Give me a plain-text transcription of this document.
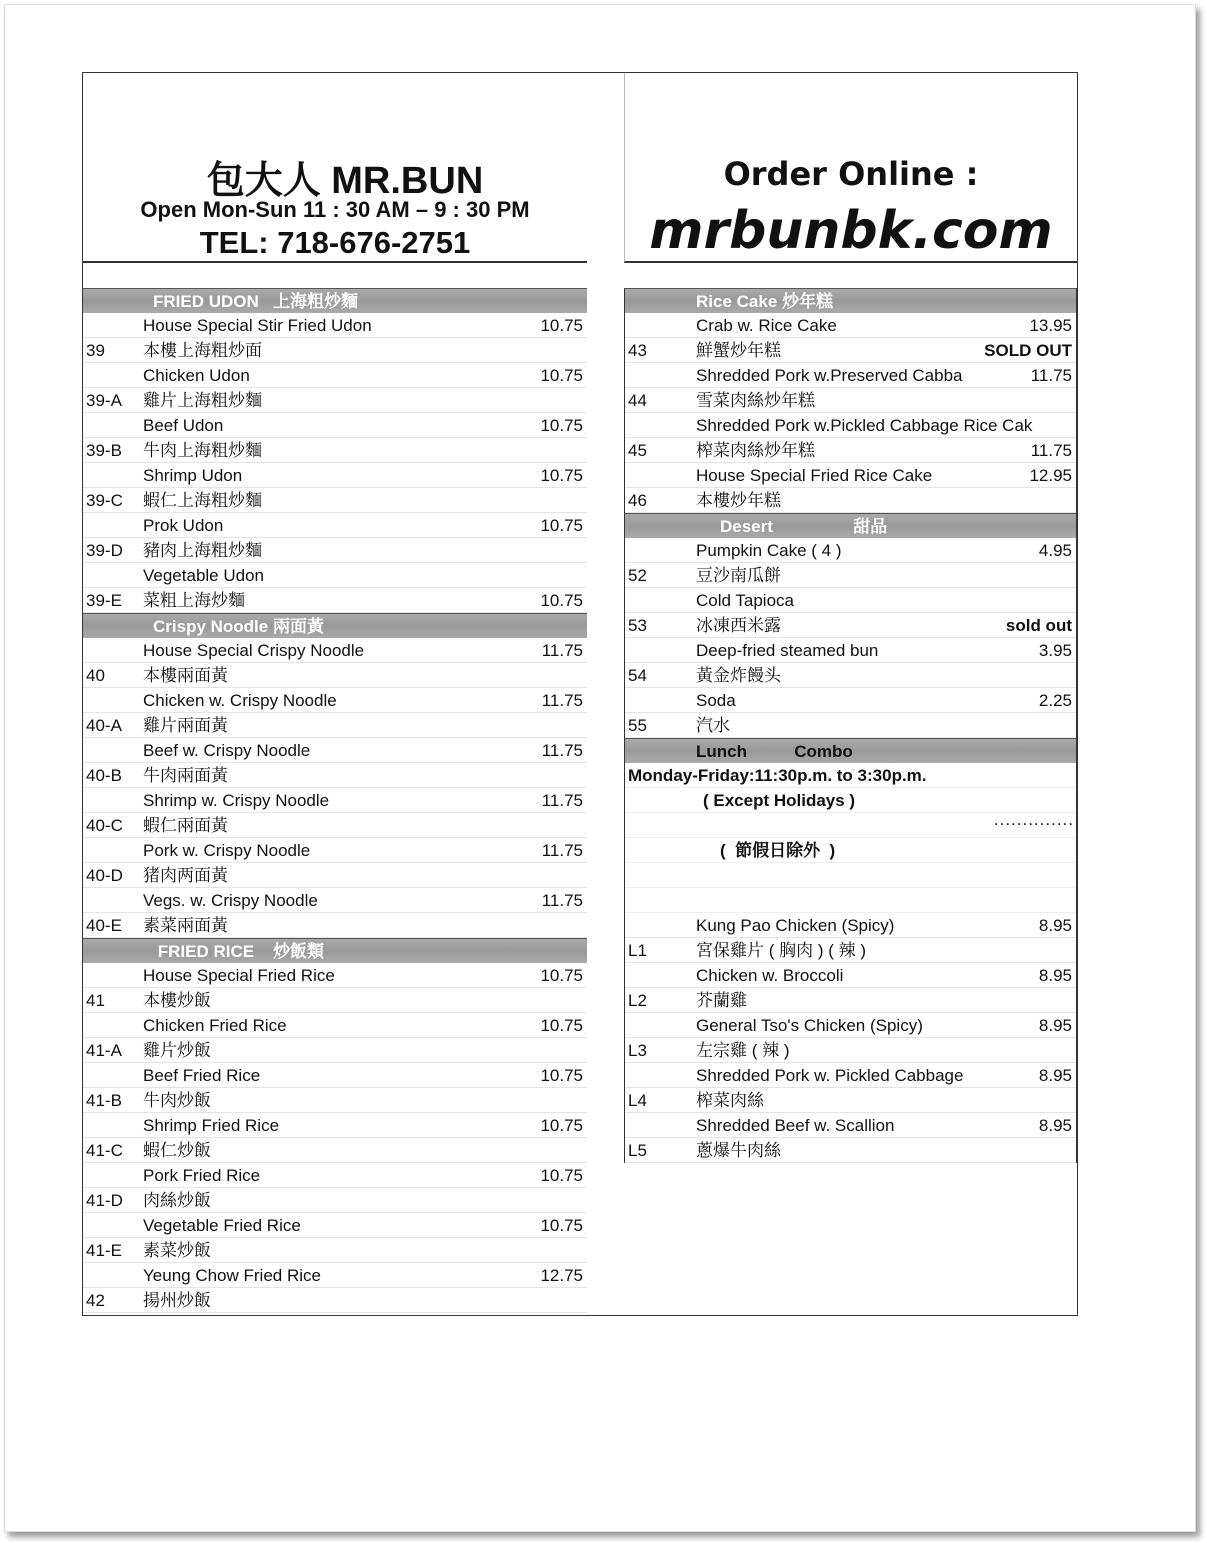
包大人 MR.BUN
Open Mon-Sun 11 : 30 AM – 9 : 30 PM
TEL: 718-676-2751
Order Online :
mrbunbk.com
FRIED UDON   上海粗炒麵
House Special Stir Fried Udon	10.75
39 本樓上海粗炒面
Chicken Udon	10.75
39-A 雞片上海粗炒麵
Beef Udon	10.75
39-B 牛肉上海粗炒麵
Shrimp Udon	10.75
39-C 蝦仁上海粗炒麵
Prok Udon	10.75
39-D 豬肉上海粗炒麵
Vegetable Udon
39-E 菜粗上海炒麵	10.75
Crispy Noodle 兩面黃
House Special Crispy Noodle	11.75
40 本樓兩面黃
Chicken w. Crispy Noodle	11.75
40-A 雞片兩面黃
Beef w. Crispy Noodle	11.75
40-B 牛肉兩面黃
Shrimp w. Crispy Noodle	11.75
40-C 蝦仁兩面黃
Pork w. Crispy Noodle	11.75
40-D 猪肉两面黃
Vegs. w. Crispy Noodle	11.75
40-E 素菜兩面黃
FRIED RICE    炒飯類
House Special Fried Rice	10.75
41 本樓炒飯
Chicken Fried Rice	10.75
41-A 雞片炒飯
Beef Fried Rice	10.75
41-B 牛肉炒飯
Shrimp Fried Rice	10.75
41-C 蝦仁炒飯
Pork Fried Rice	10.75
41-D 肉絲炒飯
Vegetable Fried Rice	10.75
41-E 素菜炒飯
Yeung Chow Fried Rice	12.75
42 揚州炒飯
Rice Cake 炒年糕
Crab w. Rice Cake	13.95
43	鮮蟹炒年糕	SOLD OUT
Shredded Pork w.Preserved Cabba	11.75
44	雪菜肉絲炒年糕
Shredded Pork w.Pickled Cabbage Rice Cak
45	榨菜肉絲炒年糕	11.75
House Special Fried Rice Cake	12.95
46	本樓炒年糕
Desert                 甜品
Pumpkin Cake ( 4 )	4.95
52	豆沙南瓜餅
Cold Tapioca
53	冰凍西米露	sold out
Deep-fried steamed bun	3.95
54	黃金炸饅头
Soda	2.25
55	汽水
Lunch          Combo
Monday-Friday:11:30p.m. to 3:30p.m.
( Except Holidays )
..............
(  節假日除外  )
Kung Pao Chicken (Spicy)	8.95
L1	宮保雞片 ( 胸肉 ) ( 辣 )
Chicken w. Broccoli	8.95
L2	芥蘭雞
General Tso's Chicken (Spicy)	8.95
L3	左宗雞 ( 辣 )
Shredded Pork w. Pickled Cabbage	8.95
L4	榨菜肉絲
Shredded Beef w. Scallion	8.95
L5	蔥爆牛肉絲
